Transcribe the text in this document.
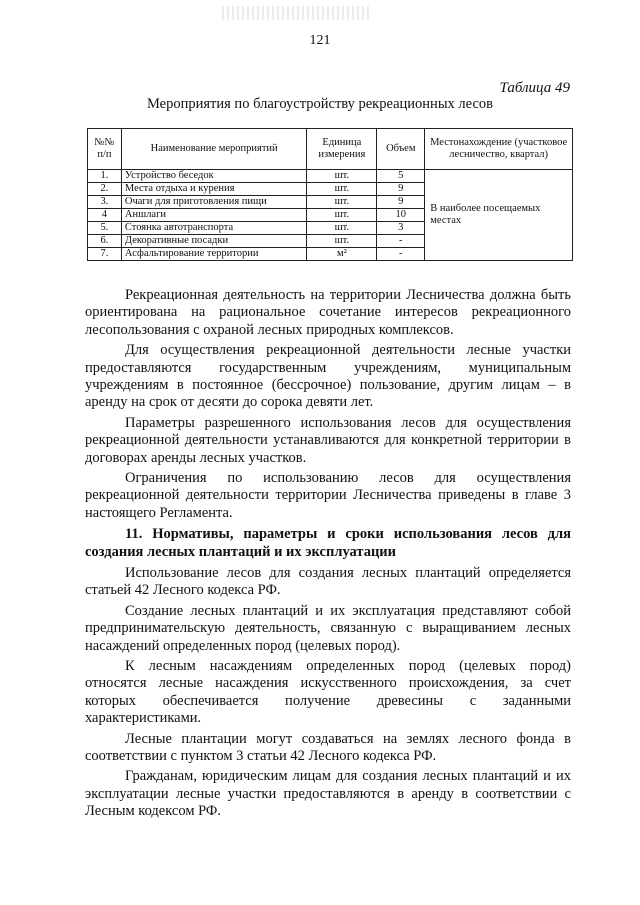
121
Таблица 49
Мероприятия по благоустройству рекреационных лесов
№№ п/п	Наименование мероприятий	Единица измерения	Объем	Местонахождение (участковое лесничество, квартал)
1.	Устройство беседок	шт.	5	В наиболее посещаемых местах
2.	Места отдыха и курения	шт.	9	
3.	Очаги для приготовления пищи	шт.	9	
4	Аншлаги	шт.	10	
5.	Стоянка автотранспорта	шт.	3	
6.	Декоративные посадки	шт.	-	
7.	Асфальтирование территории	м²	-	

Рекреационная деятельность на территории Лесничества должна быть ориентирована на рациональное сочетание интересов рекреационного лесопользования с охраной лесных природных комплексов.

Для осуществления рекреационной деятельности лесные участки предоставляются государственным учреждениям, муниципальным учреждениям в постоянное (бессрочное) пользование, другим лицам – в аренду на срок от десяти до сорока девяти лет.

Параметры разрешенного использования лесов для осуществления рекреационной деятельности устанавливаются для конкретной территории в договорах аренды лесных участков.

Ограничения по использованию лесов для осуществления рекреационной деятельности территории Лесничества приведены в главе 3 настоящего Регламента.

11. Нормативы, параметры и сроки использования лесов для создания лесных плантаций и их эксплуатации

Использование лесов для создания лесных плантаций определяется статьей 42 Лесного кодекса РФ.

Создание лесных плантаций и их эксплуатация представляют собой предпринимательскую деятельность, связанную с выращиванием лесных насаждений определенных пород (целевых пород).

К лесным насаждениям определенных пород (целевых пород) относятся лесные насаждения искусственного происхождения, за счет которых обеспечивается получение древесины с заданными характеристиками.

Лесные плантации могут создаваться на землях лесного фонда в соответствии с пунктом 3 статьи 42 Лесного кодекса РФ.

Гражданам, юридическим лицам для создания лесных плантаций и их эксплуатации лесные участки предоставляются в аренду в соответствии с Лесным кодексом РФ.
